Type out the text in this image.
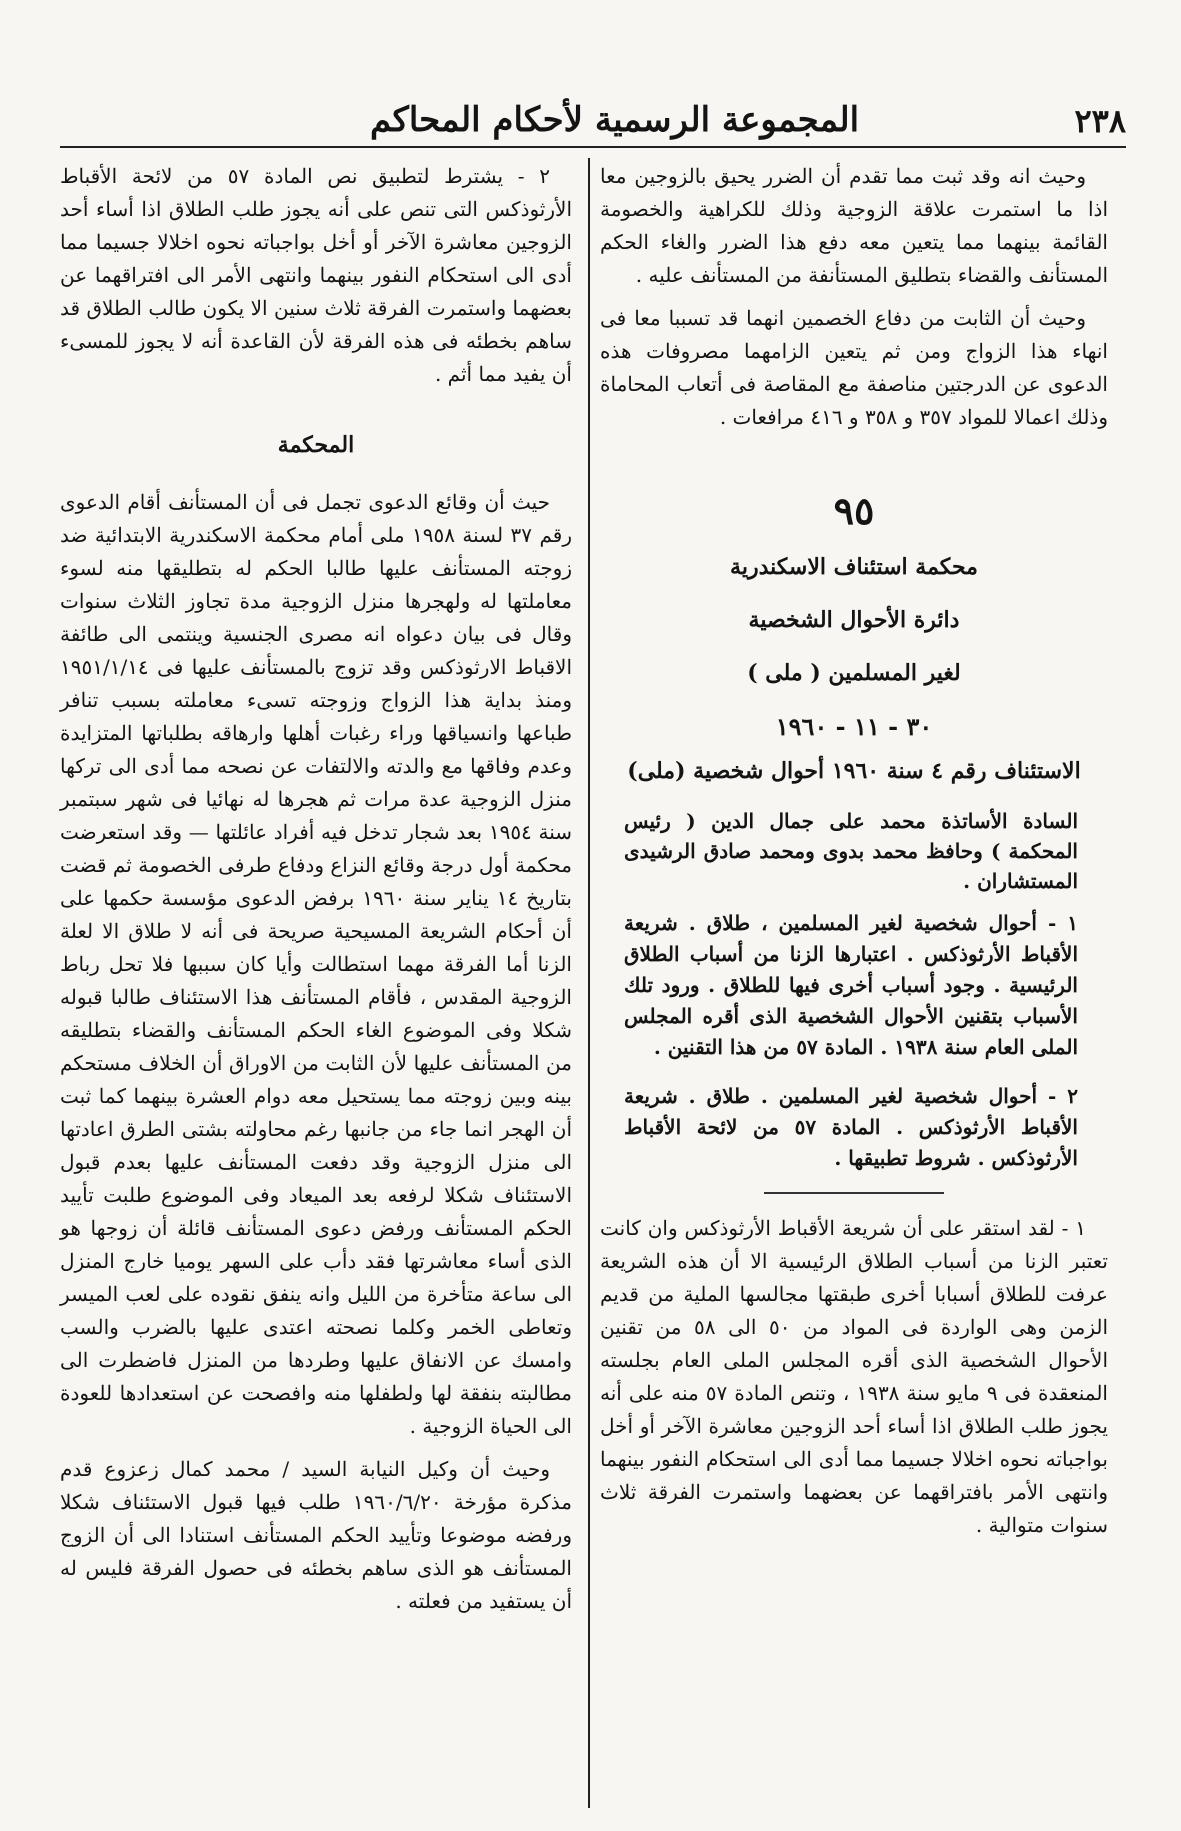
المجموعة الرسمية لأحكام المحاكم	٢٣٨

وحيث انه وقد ثبت مما تقدم أن الضرر يحيق بالزوجين معا اذا ما استمرت علاقة الزوجية وذلك للكراهية والخصومة القائمة بينهما مما يتعين معه دفع هذا الضرر والغاء الحكم المستأنف والقضاء بتطليق المستأنفة من المستأنف عليه .

وحيث أن الثابت من دفاع الخصمين انهما قد تسببا معا فى انهاء هذا الزواج ومن ثم يتعين الزامهما مصروفات هذه الدعوى عن الدرجتين مناصفة مع المقاصة فى أتعاب المحاماة وذلك اعمالا للمواد ٣٥٧ و ٣٥٨ و ٤١٦ مرافعات .

٩٥
محكمة استئناف الاسكندرية
دائرة الأحوال الشخصية
لغير المسلمين ( ملى )
٣٠ - ١١ - ١٩٦٠
الاستئناف رقم ٤ سنة ١٩٦٠ أحوال شخصية (ملى)
السادة الأساتذة محمد على جمال الدين ( رئيس المحكمة ) وحافظ محمد بدوى ومحمد صادق الرشيدى المستشاران .

١ - أحوال شخصية لغير المسلمين ، طلاق . شريعة الأقباط الأرثوذكس . اعتبارها الزنا من أسباب الطلاق الرئيسية . وجود أسباب أخرى فيها للطلاق . ورود تلك الأسباب بتقنين الأحوال الشخصية الذى أقره المجلس الملى العام سنة ١٩٣٨ . المادة ٥٧ من هذا التقنين .

٢ - أحوال شخصية لغير المسلمين . طلاق . شريعة الأقباط الأرثوذكس . المادة ٥٧ من لائحة الأقباط الأرثوذكس . شروط تطبيقها .

١ - لقد استقر على أن شريعة الأقباط الأرثوذكس وان كانت تعتبر الزنا من أسباب الطلاق الرئيسية الا أن هذه الشريعة عرفت للطلاق أسبابا أخرى طبقتها مجالسها الملية من قديم الزمن وهى الواردة فى المواد من ٥٠ الى ٥٨ من تقنين الأحوال الشخصية الذى أقره المجلس الملى العام بجلسته المنعقدة فى ٩ مايو سنة ١٩٣٨ ، وتنص المادة ٥٧ منه على أنه يجوز طلب الطلاق اذا أساء أحد الزوجين معاشرة الآخر أو أخل بواجباته نحوه اخلالا جسيما مما أدى الى استحكام النفور بينهما وانتهى الأمر بافتراقهما عن بعضهما واستمرت الفرقة ثلاث سنوات متوالية .

٢ - يشترط لتطبيق نص المادة ٥٧ من لائحة الأقباط الأرثوذكس التى تنص على أنه يجوز طلب الطلاق اذا أساء أحد الزوجين معاشرة الآخر أو أخل بواجباته نحوه اخلالا جسيما مما أدى الى استحكام النفور بينهما وانتهى الأمر الى افتراقهما عن بعضهما واستمرت الفرقة ثلاث سنين الا يكون طالب الطلاق قد ساهم بخطئه فى هذه الفرقة لأن القاعدة أنه لا يجوز للمسىء أن يفيد مما أثم .

المحكمة

حيث أن وقائع الدعوى تجمل فى أن المستأنف أقام الدعوى رقم ٣٧ لسنة ١٩٥٨ ملى أمام محكمة الاسكندرية الابتدائية ضد زوجته المستأنف عليها طالبا الحكم له بتطليقها منه لسوء معاملتها له ولهجرها منزل الزوجية مدة تجاوز الثلاث سنوات وقال فى بيان دعواه انه مصرى الجنسية وينتمى الى طائفة الاقباط الارثوذكس وقد تزوج بالمستأنف عليها فى ١٩٥١/١/١٤ ومنذ بداية هذا الزواج وزوجته تسىء معاملته بسبب تنافر طباعها وانسياقها وراء رغبات أهلها وارهاقه بطلباتها المتزايدة وعدم وفاقها مع والدته والالتفات عن نصحه مما أدى الى تركها منزل الزوجية عدة مرات ثم هجرها له نهائيا فى شهر سبتمبر سنة ١٩٥٤ بعد شجار تدخل فيه أفراد عائلتها — وقد استعرضت محكمة أول درجة وقائع النزاع ودفاع طرفى الخصومة ثم قضت بتاريخ ١٤ يناير سنة ١٩٦٠ برفض الدعوى مؤسسة حكمها على أن أحكام الشريعة المسيحية صريحة فى أنه لا طلاق الا لعلة الزنا أما الفرقة مهما استطالت وأيا كان سببها فلا تحل رباط الزوجية المقدس ، فأقام المستأنف هذا الاستئناف طالبا قبوله شكلا وفى الموضوع الغاء الحكم المستأنف والقضاء بتطليقه من المستأنف عليها لأن الثابت من الاوراق أن الخلاف مستحكم بينه وبين زوجته مما يستحيل معه دوام العشرة بينهما كما ثبت أن الهجر انما جاء من جانبها رغم محاولته بشتى الطرق اعادتها الى منزل الزوجية وقد دفعت المستأنف عليها بعدم قبول الاستئناف شكلا لرفعه بعد الميعاد وفى الموضوع طلبت تأييد الحكم المستأنف ورفض دعوى المستأنف قائلة أن زوجها هو الذى أساء معاشرتها فقد دأب على السهر يوميا خارج المنزل الى ساعة متأخرة من الليل وانه ينفق نقوده على لعب الميسر وتعاطى الخمر وكلما نصحته اعتدى عليها بالضرب والسب وامسك عن الانفاق عليها وطردها من المنزل فاضطرت الى مطالبته بنفقة لها ولطفلها منه وافصحت عن استعدادها للعودة الى الحياة الزوجية .

وحيث أن وكيل النيابة السيد / محمد كمال زعزوع قدم مذكرة مؤرخة ١٩٦٠/٦/٢٠ طلب فيها قبول الاستئناف شكلا ورفضه موضوعا وتأييد الحكم المستأنف استنادا الى أن الزوج المستأنف هو الذى ساهم بخطئه فى حصول الفرقة فليس له أن يستفيد من فعلته .
